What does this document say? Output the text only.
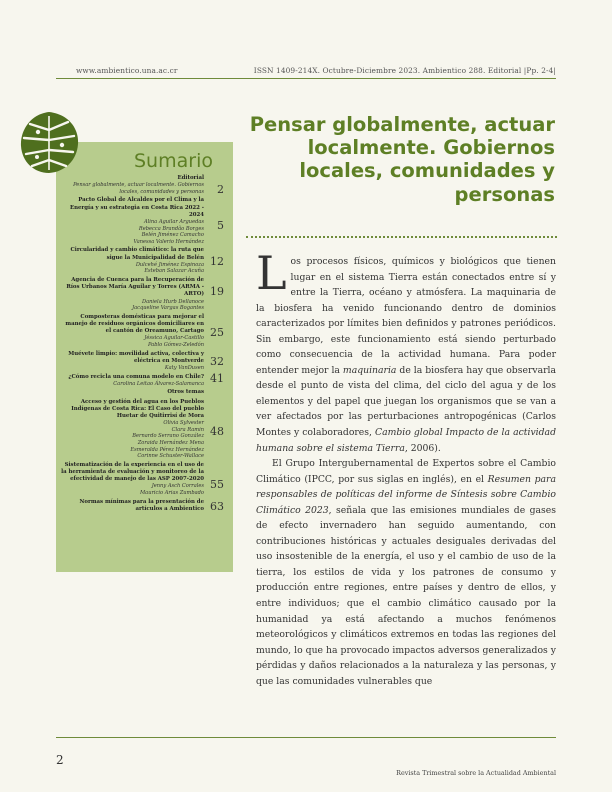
www.ambientico.una.ac.cr	ISSN 1409-214X. Octubre-Diciembre 2023. Ambientico 288. Editorial |Pp. 2-4|
Sumario
Editorial
Pensar globalmente, actuar localmente. Gobiernos locales, comunidades y personas 2
Pacto Global de Alcaldes por el Clima y la Energía y su estrategia en Costa Rica 2022 - 2024
Alina Aguilar Arguedas
Rebecca Brandão Borges
Belén Jiménez Camacho
Vanessa Valerio Hernández
5
Circularidad y cambio climático: la ruta que sigue la Municipalidad de Belén
Dulcehé Jiménez Espinoza
Esteban Salazar Acuña
12
Agencia de Cuenca para la Recuperación de Ríos Urbanos María Aguilar y Torres (ARMA - ARTO)
Daniela Hurb Dellanoce
Jacqueline Vargas Bogantes
19
Composteras domésticas para mejorar el manejo de residuos orgánicos domiciliares en el cantón de Oreamuno, Cartago
Jéssica Aguilar-Castillo
Pablo Gómez-Zeledón
25
Muévete limpio: movilidad activa, colectiva y eléctrica en Montverde
Katy VanDusen
32
¿Cómo recicla una comuna modelo en Chile?
Carolina Leitao Álvarez-Salamanca 41
Otros temas
Acceso y gestión del agua en los Pueblos Indígenas de Costa Rica: El Caso del pueblo Huetar de Quitirrisí de Mora
Olivia Sylvester
Clara Ramin
Bernardo Serrano González
Zoraida Hernández Mena
Esmeralda Pérez Hernández
Corinne Schuster-Wallace
48
Sistematización de la experiencia en el uso de la herramienta de evaluación y monitoreo de la efectividad de manejo de las ASP 2007-2020
Jenny Asch Corrales
Mauricio Arias Zumbado
55
Normas mínimas para la presentación de artículos a Ambientico 63
Pensar globalmente, actuar localmente. Gobiernos locales, comunidades y personas

Los procesos físicos, químicos y biológicos que tienen lugar en el sistema Tierra están conectados entre sí y entre la Tierra, océano y atmósfera. La maquinaria de la biosfera ha venido funcionando dentro de dominios caracterizados por límites bien definidos y patrones periódicos. Sin embargo, este funcionamiento está siendo perturbado como consecuencia de la actividad humana. Para poder entender mejor la maquinaria de la biosfera hay que observarla desde el punto de vista del clima, del ciclo del agua y de los elementos y del papel que juegan los organismos que se van a ver afectados por las perturbaciones antropogénicas (Carlos Montes y colaboradores, Cambio global Impacto de la actividad humana sobre el sistema Tierra, 2006).

El Grupo Intergubernamental de Expertos sobre el Cambio Climático (IPCC, por sus siglas en inglés), en el Resumen para responsables de políticas del informe de Síntesis sobre Cambio Climático 2023, señala que las emisiones mundiales de gases de efecto invernadero han seguido aumentando, con contribuciones históricas y actuales desiguales derivadas del uso insostenible de la energía, el uso y el cambio de uso de la tierra, los estilos de vida y los patrones de consumo y producción entre regiones, entre países y dentro de ellos, y entre individuos; que el cambio climático causado por la humanidad ya está afectando a muchos fenómenos meteorológicos y climáticos extremos en todas las regiones del mundo, lo que ha provocado impactos adversos generalizados y pérdidas y daños relacionados a la naturaleza y las personas, y que las comunidades vulnerables que

2
Revista Trimestral sobre la Actualidad Ambiental
